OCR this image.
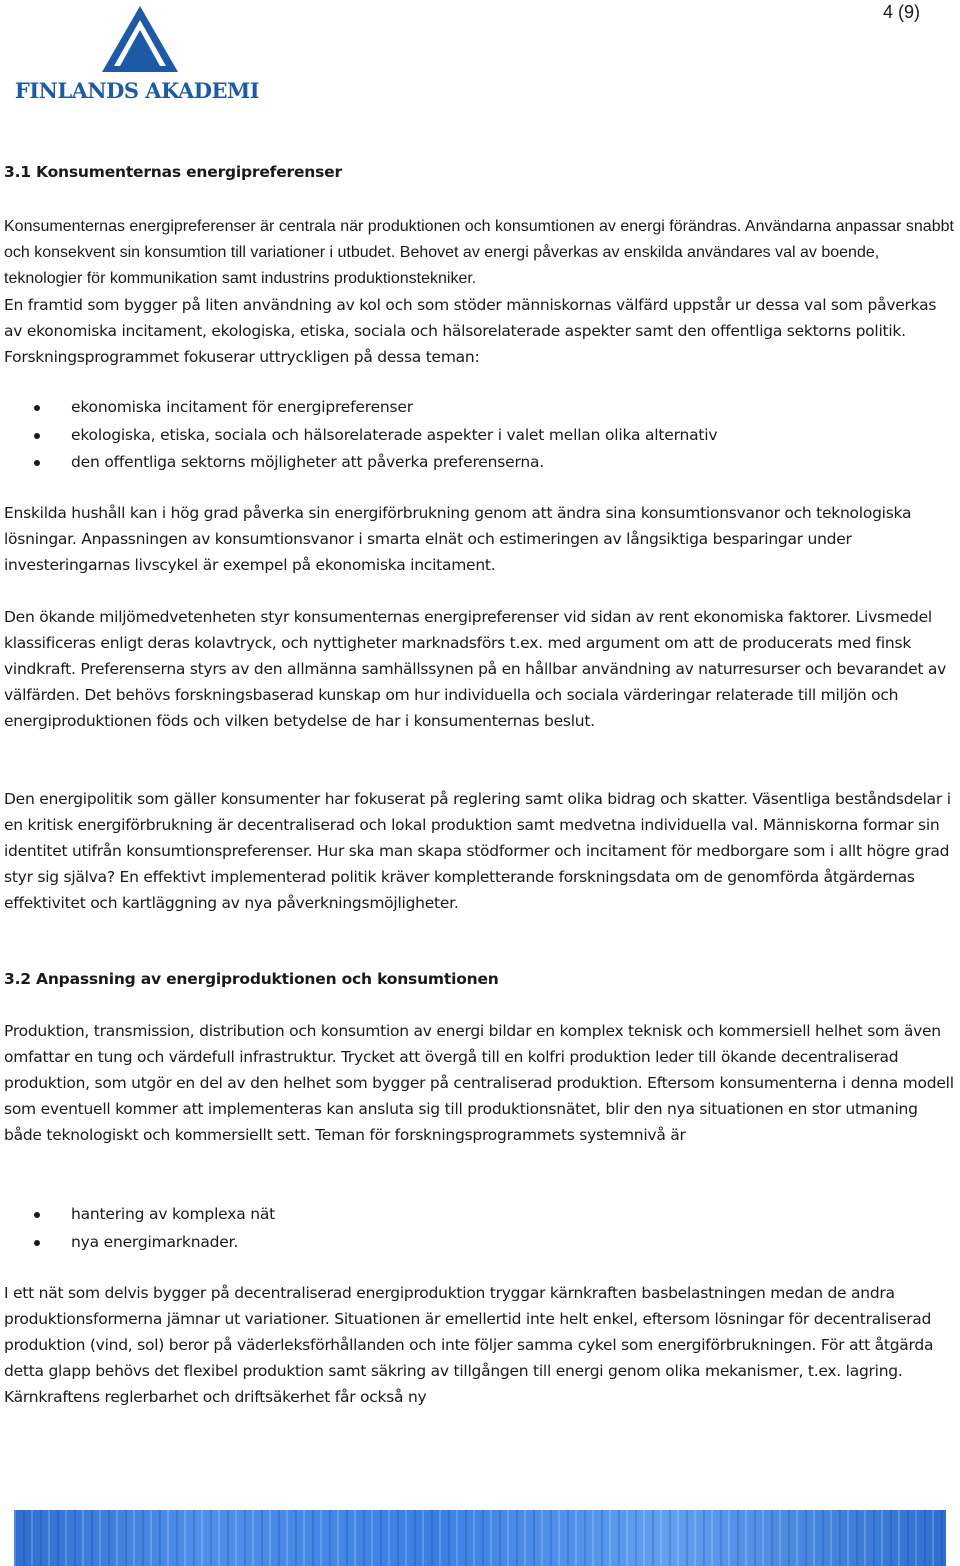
4 (9)
FINLANDS AKADEMI
3.1 Konsumenternas energipreferenser

Konsumenternas energipreferenser är centrala när produktionen och konsumtionen av energi förändras. Användarna anpassar snabbt och konsekvent sin konsumtion till variationer i utbudet. Behovet av energi påverkas av enskilda användares val av boende, teknologier för kommunikation samt industrins produktionstekniker.

En framtid som bygger på liten användning av kol och som stöder människornas välfärd uppstår ur dessa val som påverkas av ekonomiska incitament, ekologiska, etiska, sociala och hälsorelaterade aspekter samt den offentliga sektorns politik. Forskningsprogrammet fokuserar uttryckligen på dessa teman:

ekonomiska incitament för energipreferenser
ekologiska, etiska, sociala och hälsorelaterade aspekter i valet mellan olika alternativ
den offentliga sektorns möjligheter att påverka preferenserna.

Enskilda hushåll kan i hög grad påverka sin energiförbrukning genom att ändra sina konsumtionsvanor och teknologiska lösningar. Anpassningen av konsumtionsvanor i smarta elnät och estimeringen av långsiktiga besparingar under investeringarnas livscykel är exempel på ekonomiska incitament.

Den ökande miljömedvetenheten styr konsumenternas energipreferenser vid sidan av rent ekonomiska faktorer. Livsmedel klassificeras enligt deras kolavtryck, och nyttigheter marknadsförs t.ex. med argument om att de producerats med finsk vindkraft. Preferenserna styrs av den allmänna samhällssynen på en hållbar användning av naturresurser och bevarandet av välfärden. Det behövs forskningsbaserad kunskap om hur individuella och sociala värderingar relaterade till miljön och energiproduktionen föds och vilken betydelse de har i konsumenternas beslut.

Den energipolitik som gäller konsumenter har fokuserat på reglering samt olika bidrag och skatter. Väsentliga beståndsdelar i en kritisk energiförbrukning är decentraliserad och lokal produktion samt medvetna individuella val. Människorna formar sin identitet utifrån konsumtionspreferenser. Hur ska man skapa stödformer och incitament för medborgare som i allt högre grad styr sig själva? En effektivt implementerad politik kräver kompletterande forskningsdata om de genomförda åtgärdernas effektivitet och kartläggning av nya påverkningsmöjligheter.

3.2 Anpassning av energiproduktionen och konsumtionen

Produktion, transmission, distribution och konsumtion av energi bildar en komplex teknisk och kommersiell helhet som även omfattar en tung och värdefull infrastruktur. Trycket att övergå till en kolfri produktion leder till ökande decentraliserad produktion, som utgör en del av den helhet som bygger på centraliserad produktion. Eftersom konsumenterna i denna modell som eventuell kommer att implementeras kan ansluta sig till produktionsnätet, blir den nya situationen en stor utmaning både teknologiskt och kommersiellt sett. Teman för forskningsprogrammets systemnivå är

hantering av komplexa nät
nya energimarknader.

I ett nät som delvis bygger på decentraliserad energiproduktion tryggar kärnkraften basbelastningen medan de andra produktionsformerna jämnar ut variationer. Situationen är emellertid inte helt enkel, eftersom lösningar för decentraliserad produktion (vind, sol) beror på väderleksförhållanden och inte följer samma cykel som energiförbrukningen. För att åtgärda detta glapp behövs det flexibel produktion samt säkring av tillgången till energi genom olika mekanismer, t.ex. lagring. Kärnkraftens reglerbarhet och driftsäkerhet får också ny
